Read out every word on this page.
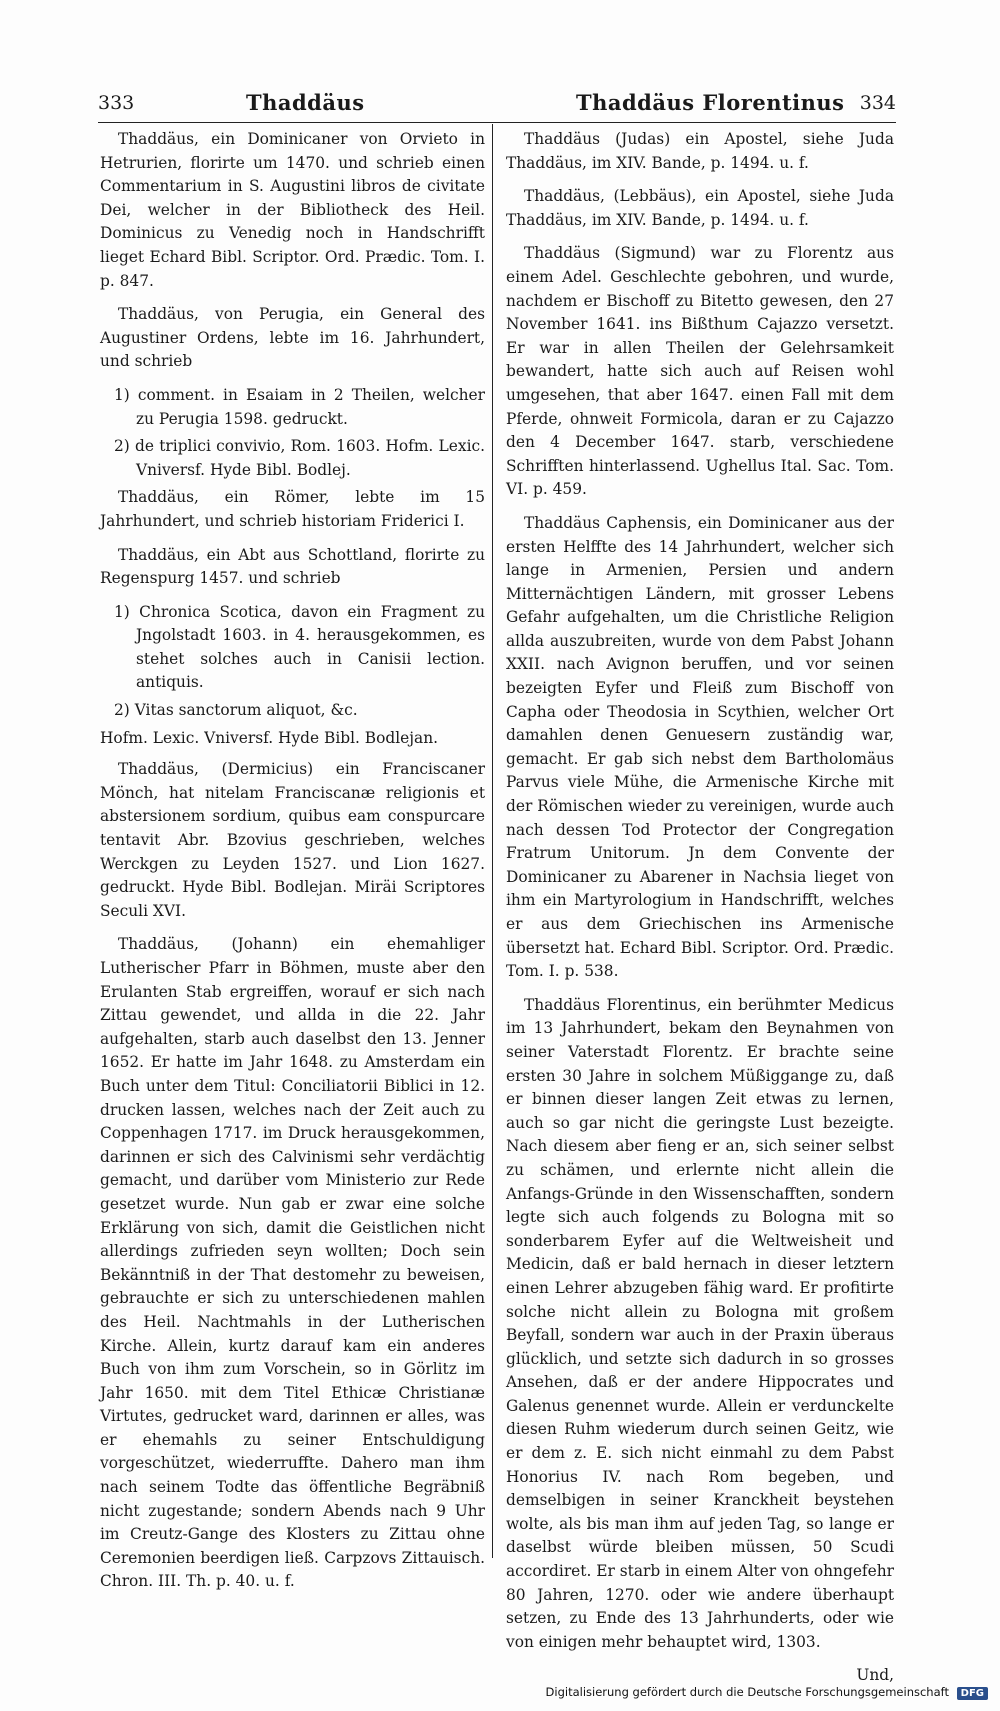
333	Thaddäus	Thaddäus Florentinus 334

Thaddäus, ein Dominicaner von Orvieto in Hetrurien, florirte um 1470. und schrieb einen Commentarium in S. Augustini libros de civitate Dei, welcher in der Bibliotheck des Heil. Dominicus zu Venedig noch in Handschrifft lieget Echard Bibl. Scriptor. Ord. Prædic. Tom. I. p. 847.

Thaddäus, von Perugia, ein General des Augustiner Ordens, lebte im 16. Jahrhundert, und schrieb

1) comment. in Esaiam in 2 Theilen, welcher zu Perugia 1598. gedruckt.

2) de triplici convivio, Rom. 1603. Hofm. Lexic. Vniversf. Hyde Bibl. Bodlej.

Thaddäus, ein Römer, lebte im 15 Jahrhundert, und schrieb historiam Friderici I.

Thaddäus, ein Abt aus Schottland, florirte zu Regenspurg 1457. und schrieb

1) Chronica Scotica, davon ein Fragment zu Jngolstadt 1603. in 4. herausgekommen, es stehet solches auch in Canisii lection. antiquis.

2) Vitas sanctorum aliquot, &c.

Hofm. Lexic. Vniversf. Hyde Bibl. Bodlejan.

Thaddäus, (Dermicius) ein Franciscaner Mönch, hat nitelam Franciscanæ religionis et abstersionem sordium, quibus eam conspurcare tentavit Abr. Bzovius geschrieben, welches Werckgen zu Leyden 1527. und Lion 1627. gedruckt. Hyde Bibl. Bodlejan. Miräi Scriptores Seculi XVI.

Thaddäus, (Johann) ein ehemahliger Lutherischer Pfarr in Böhmen, muste aber den Erulanten Stab ergreiffen, worauf er sich nach Zittau gewendet, und allda in die 22. Jahr aufgehalten, starb auch daselbst den 13. Jenner 1652. Er hatte im Jahr 1648. zu Amsterdam ein Buch unter dem Titul: Conciliatorii Biblici in 12. drucken lassen, welches nach der Zeit auch zu Coppenhagen 1717. im Druck herausgekommen, darinnen er sich des Calvinismi sehr verdächtig gemacht, und darüber vom Ministerio zur Rede gesetzet wurde. Nun gab er zwar eine solche Erklärung von sich, damit die Geistlichen nicht allerdings zufrieden seyn wollten; Doch sein Bekänntniß in der That destomehr zu beweisen, gebrauchte er sich zu unterschiedenen mahlen des Heil. Nachtmahls in der Lutherischen Kirche. Allein, kurtz darauf kam ein anderes Buch von ihm zum Vorschein, so in Görlitz im Jahr 1650. mit dem Titel Ethicæ Christianæ Virtutes, gedrucket ward, darinnen er alles, was er ehemahls zu seiner Entschuldigung vorgeschützet, wiederruffte. Dahero man ihm nach seinem Todte das öffentliche Begräbniß nicht zugestande; sondern Abends nach 9 Uhr im Creutz-Gange des Klosters zu Zittau ohne Ceremonien beerdigen ließ. Carpzovs Zittauisch. Chron. III. Th. p. 40. u. f.

Thaddäus (Judas) ein Apostel, siehe Juda Thaddäus, im XIV. Bande, p. 1494. u. f.

Thaddäus, (Lebbäus), ein Apostel, siehe Juda Thaddäus, im XIV. Bande, p. 1494. u. f.

Thaddäus (Sigmund) war zu Florentz aus einem Adel. Geschlechte gebohren, und wurde, nachdem er Bischoff zu Bitetto gewesen, den 27 November 1641. ins Bißthum Cajazzo versetzt. Er war in allen Theilen der Gelehrsamkeit bewandert, hatte sich auch auf Reisen wohl umgesehen, that aber 1647. einen Fall mit dem Pferde, ohnweit Formicola, daran er zu Cajazzo den 4 December 1647. starb, verschiedene Schrifften hinterlassend. Ughellus Ital. Sac. Tom. VI. p. 459.

Thaddäus Caphensis, ein Dominicaner aus der ersten Helffte des 14 Jahrhundert, welcher sich lange in Armenien, Persien und andern Mitternächtigen Ländern, mit grosser Lebens Gefahr aufgehalten, um die Christliche Religion allda auszubreiten, wurde von dem Pabst Johann XXII. nach Avignon beruffen, und vor seinen bezeigten Eyfer und Fleiß zum Bischoff von Capha oder Theodosia in Scythien, welcher Ort damahlen denen Genuesern zuständig war, gemacht. Er gab sich nebst dem Bartholomäus Parvus viele Mühe, die Armenische Kirche mit der Römischen wieder zu vereinigen, wurde auch nach dessen Tod Protector der Congregation Fratrum Unitorum. Jn dem Convente der Dominicaner zu Abarener in Nachsia lieget von ihm ein Martyrologium in Handschrifft, welches er aus dem Griechischen ins Armenische übersetzt hat. Echard Bibl. Scriptor. Ord. Prædic. Tom. I. p. 538.

Thaddäus Florentinus, ein berühmter Medicus im 13 Jahrhundert, bekam den Beynahmen von seiner Vaterstadt Florentz. Er brachte seine ersten 30 Jahre in solchem Müßiggange zu, daß er binnen dieser langen Zeit etwas zu lernen, auch so gar nicht die geringste Lust bezeigte. Nach diesem aber fieng er an, sich seiner selbst zu schämen, und erlernte nicht allein die Anfangs-Gründe in den Wissenschafften, sondern legte sich auch folgends zu Bologna mit so sonderbarem Eyfer auf die Weltweisheit und Medicin, daß er bald hernach in dieser letztern einen Lehrer abzugeben fähig ward. Er profitirte solche nicht allein zu Bologna mit großem Beyfall, sondern war auch in der Praxin überaus glücklich, und setzte sich dadurch in so grosses Ansehen, daß er der andere Hippocrates und Galenus genennet wurde. Allein er verdunckelte diesen Ruhm wiederum durch seinen Geitz, wie er dem z. E. sich nicht einmahl zu dem Pabst Honorius IV. nach Rom begeben, und demselbigen in seiner Kranckheit beystehen wolte, als bis man ihm auf jeden Tag, so lange er daselbst würde bleiben müssen, 50 Scudi accordiret. Er starb in einem Alter von ohngefehr 80 Jahren, 1270. oder wie andere überhaupt setzen, zu Ende des 13 Jahrhunderts, oder wie von einigen mehr behauptet wird, 1303.

Und,

Digitalisierung gefördert durch die Deutsche Forschungsgemeinschaft DFG
